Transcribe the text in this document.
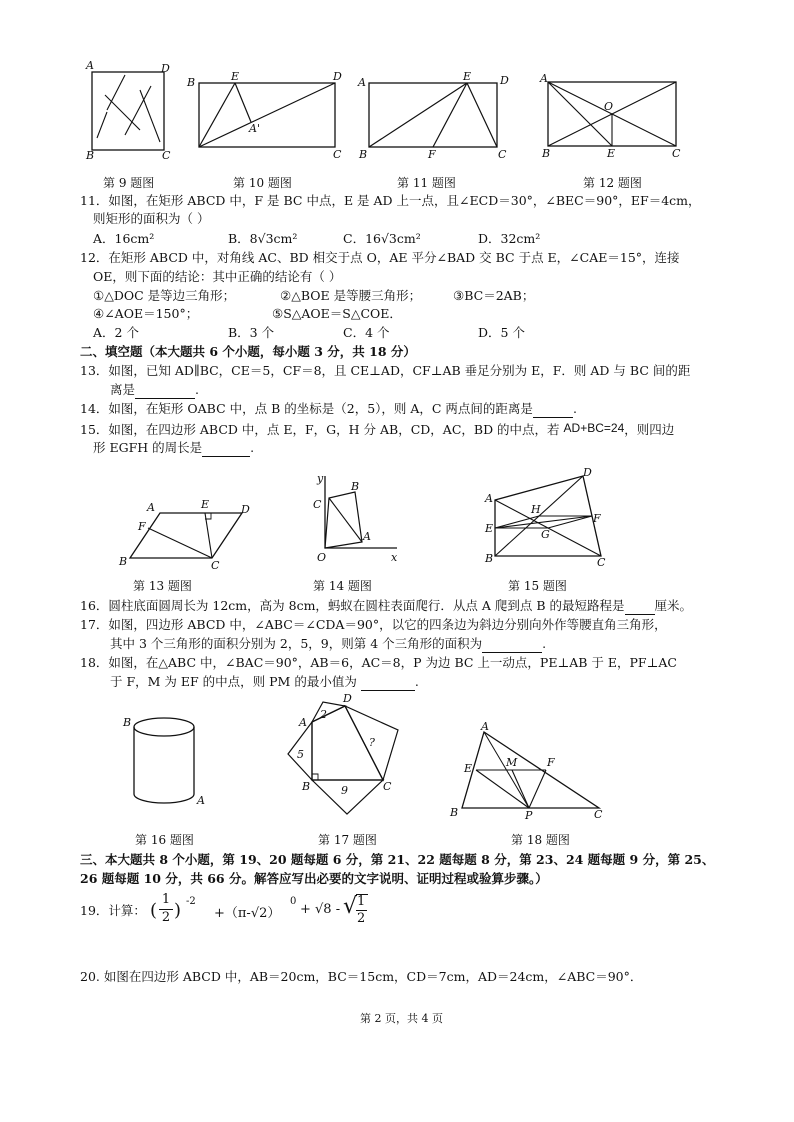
A	D
B	C
B	E	D
A'
C
A	E	D
B	F	C
A
O
B	E	C
第 9 题图	第 10 题图	第 11 题图	第 12 题图
11．如图，在矩形 ABCD 中，F 是 BC 中点，E 是 AD 上一点，且∠ECD＝30°，∠BEC＝90°，EF＝4cm，
则矩形的面积为（ ）
A．16cm²	B．8√3cm²	C．16√3cm²	D．32cm²
12．在矩形 ABCD 中，对角线 AC、BD 相交于点 O，AE 平分∠BAD 交 BC 于点 E，∠CAE＝15°，连接
OE，则下面的结论：其中正确的结论有（ ）
①△DOC 是等边三角形；	②△BOE 是等腰三角形；	③BC＝2AB；
④∠AOE＝150°；	⑤S△AOE＝S△COE．
A．2 个	B．3 个	C．4 个	D．5 个
二、填空题（本大题共 6 个小题，每小题 3 分，共 18 分）
13．如图，已知 AD∥BC，CE＝5，CF＝8，且 CE⊥AD，CF⊥AB 垂足分别为 E，F．则 AD 与 BC 间的距
离是	.
14．如图，在矩形 OABC 中，点 B 的坐标是（2，5），则 A，C 两点间的距离是	.
15．如图，在四边形 ABCD 中，点 E，F，G，H 分 AB，CD，AC，BD 的中点，若 AD+BC=24，则四边
形 EGFH 的周长是	.
A	E	D
F
B	C
y
B
C
A
O	x
A
D
H
E
F
G
B	C
第 13 题图	第 14 题图	第 15 题图
16．圆柱底面圆周长为 12cm，高为 8cm，蚂蚁在圆柱表面爬行．从点 A 爬到点 B 的最短路程是 厘米。
17．如图，四边形 ABCD 中，∠ABC＝∠CDA＝90°，以它的四条边为斜边分别向外作等腰直角三角形，
其中 3 个三角形的面积分别为 2，5，9，则第 4 个三角形的面积为	.
18．如图，在△ABC 中，∠BAC＝90°，AB＝6，AC＝8，P 为边 BC 上一动点，PE⊥AB 于 E，PF⊥AC
于 F，M 为 EF 的中点，则 PM 的最小值为	.
B
A
A
D
2
?
5
B	9	C
A
E	M	F
B	P	C
第 16 题图	第 17 题图	第 18 题图
三、本大题共 8 个小题，第 19、20 题每题 6 分，第 21、22 题每题 8 分，第 23、24 题每题 9 分，第 25、
26 题每题 10 分，共 66 分。解答应写出必要的文字说明、证明过程或验算步骤。）
19．计算： (
1
2 ) -2
+（π-√2）
0
+ √8 - √ 1
2
20. 如图在四边形 ABCD 中，AB＝20cm，BC＝15cm，CD＝7cm，AD＝24cm，∠ABC＝90°．
第 2 页，共 4 页
